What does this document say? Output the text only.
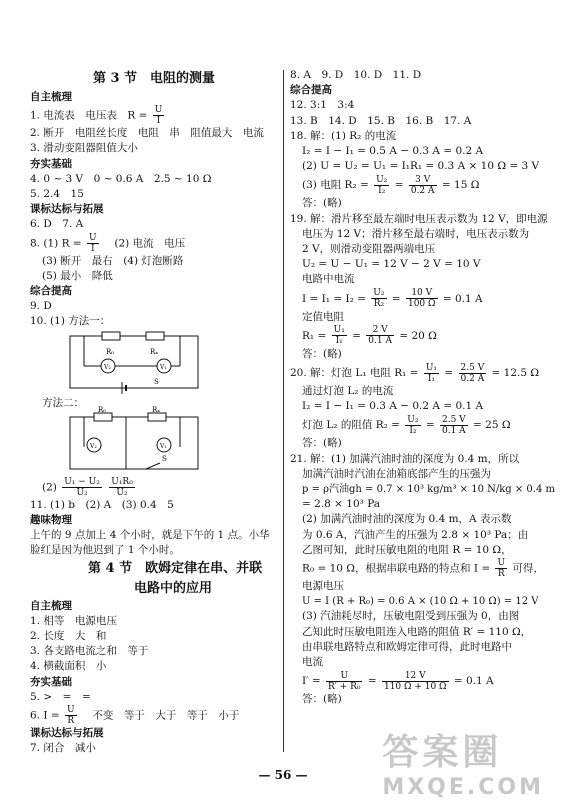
第 3 节　电阻的测量
自主梳理
1. 电流表　电压表　$R = \frac{U}{I}$
2. 断开　电阻丝长度　电阻　串　阻值最大　电流
3. 滑动变阻器阻值大小
夯实基础
4. 0 ~ 3 V　0 ~ 0.6 A　2.5 ~ 10 Ω
5. 2.4　15
课标达标与拓展
6. D　7. A
8. (1) $R = \frac{U}{I}$ 　(2) 电流　电压
(3) 断开　最右　(4) 灯泡断路
(5) 最小　降低
综合提高
9. D
10. (1) 方法一：
R₀	Rₓ
V₂	V₁
S
方法二：
R₀	Rₓ
V₂	V₁
S
$(2) \frac{\text{U₁ − U₂}}{\text{U₂}}$
$\frac{\text{U₁R₀}}{\text{U₂}}$
11. (1) b　(2) A　(3) 0.4　5
趣味物理
上午的 9 点加上 4 个小时，就是下午的 1 点。小华
脸红是因为他迟到了 1 个小时。
第 4 节　欧姆定律在串、并联
电路中的应用
自主梳理
1. 相等　电源电压
2. 长度　大　和
3. 各支路电流之和　等于
4. 横截面积　小
夯实基础
5. >　=　=
6. $I = \frac{U}{R}$ 　不变　等于　大于　等于　小于
课标达标与拓展
7. 闭合　减小
8. A　9. D　10. D　11. D
综合提高
12. 3:1　3:4
13. B　14. D　15. B　16. B　17. A
18. 解：(1) R₂ 的电流
I₂ = I − I₁ = 0.5 A − 0.3 A = 0.2 A
(2) U = U₂ = U₁ = I₁R₁ = 0.3 A × 10 Ω = 3 V
(3) 电阻 $R_2 = \frac{\text{U₂}}{\text{I₂}} = \frac{3 V}{0.2 A} = 15$ Ω
答：(略)
19. 解：滑片移至最左端时电压表示数为 12 V，即电源
电压为 12 V；滑片移至最右端时，电压表示数为
2 V，则滑动变阻器两端电压
U₂ = U − U₁ = 12 V − 2 V = 10 V
电路中电流
$I = I_1 = I_2 = \frac{\text{U₂}}{\text{R₂}} = \frac{10 V}{100 \Omega} = 0.1$ A
定值电阻
$R_1 = \frac{\text{U₁}}{\text{I₁}} = \frac{2 V}{0.1 A} = 20$ Ω
答：(略)
20. 解：灯泡 L₁ 电阻 $R_1 = \frac{\text{U₁}}{\text{I₁}} = \frac{2.5 V}{0.2 A} = 12.5$ Ω
通过灯泡 L₂ 的电流
I₂ = I − I₁ = 0.3 A − 0.2 A = 0.1 A
灯泡 L₂ 的阻值 $R_2 = \frac{\text{U₂}}{\text{I₂}} = \frac{2.5 V}{0.1 A} = 25$ Ω
答：(略)
21. 解：(1) 加满汽油时油的深度为 0.4 m，所以
加满汽油时汽油在油箱底部产生的压强为
p = ρ汽油gh = 0.7 × 10³ kg/m³ × 10 N/kg × 0.4 m
= 2.8 × 10³ Pa
(2) 加满汽油时油的深度为 0.4 m，A 表示数
为 0.6 A，汽油产生的压强为 2.8 × 10³ Pa；由
乙图可知，此时压敏电阻的电阻 R = 10 Ω，
R₀ = 10 Ω，根据串联电路的特点和 $I = \frac{U}{R}$ 可得，
电源电压
U = I (R + R₀) = 0.6 A × (10 Ω + 10 Ω) = 12 V
(3) 汽油耗尽时，压敏电阻受到压强为 0，由图
乙知此时压敏电阻连入电路的阻值 R′ = 110 Ω，
由串联电路特点和欧姆定律可得，此时电路中
电流
$I' = \frac{U}{\text{R′ + R₀}} = \frac{12 V}{110 \Omega + 10 \Omega} = 0.1$ A
答：(略)
— 56 —
答案圈
MXQE.COM
